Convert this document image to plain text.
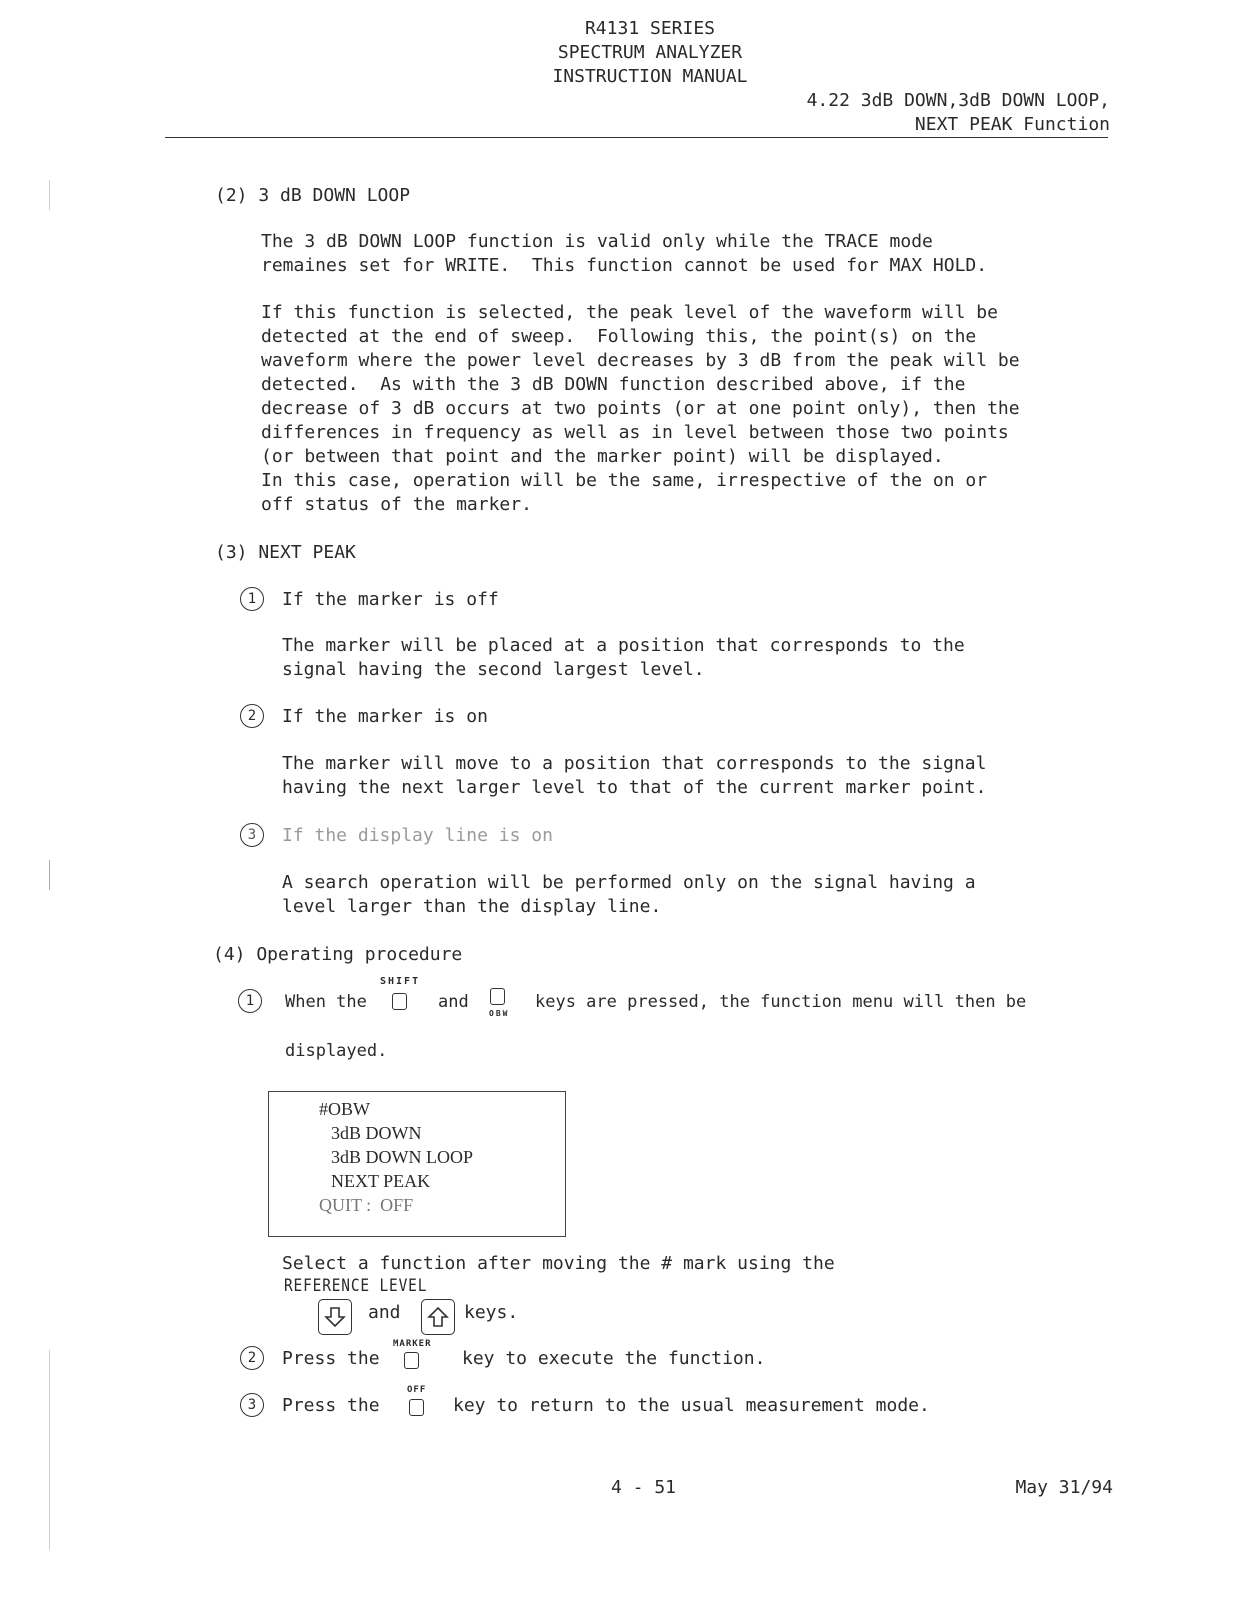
R4131 SERIES
SPECTRUM ANALYZER
INSTRUCTION MANUAL
4.22 3dB DOWN,3dB DOWN LOOP,
NEXT PEAK Function
(2) 3 dB DOWN LOOP
The 3 dB DOWN LOOP function is valid only while the TRACE mode
remaines set for WRITE.  This function cannot be used for MAX HOLD.
If this function is selected, the peak level of the waveform will be
detected at the end of sweep.  Following this, the point(s) on the
waveform where the power level decreases by 3 dB from the peak will be
detected.  As with the 3 dB DOWN function described above, if the
decrease of 3 dB occurs at two points (or at one point only), then the
differences in frequency as well as in level between those two points
(or between that point and the marker point) will be displayed.
In this case, operation will be the same, irrespective of the on or
off status of the marker.
(3) NEXT PEAK
1	If the marker is off
The marker will be placed at a position that corresponds to the
signal having the second largest level.
2	If the marker is on
The marker will move to a position that corresponds to the signal
having the next larger level to that of the current marker point.
3	If the display line is on
A search operation will be performed only on the signal having a
level larger than the display line.
(4) Operating procedure
1	When the
SHIFT
and
OBW
keys are pressed, the function menu will then be
displayed.
#OBW
3dB DOWN
3dB DOWN LOOP
NEXT PEAK
QUIT :  OFF
Select a function after moving the # mark using the
REFERENCE LEVEL
and	keys.
2	Press the
MARKER
key to execute the function.
3	Press the
OFF
key to return to the usual measurement mode.
4 - 51	May 31/94
